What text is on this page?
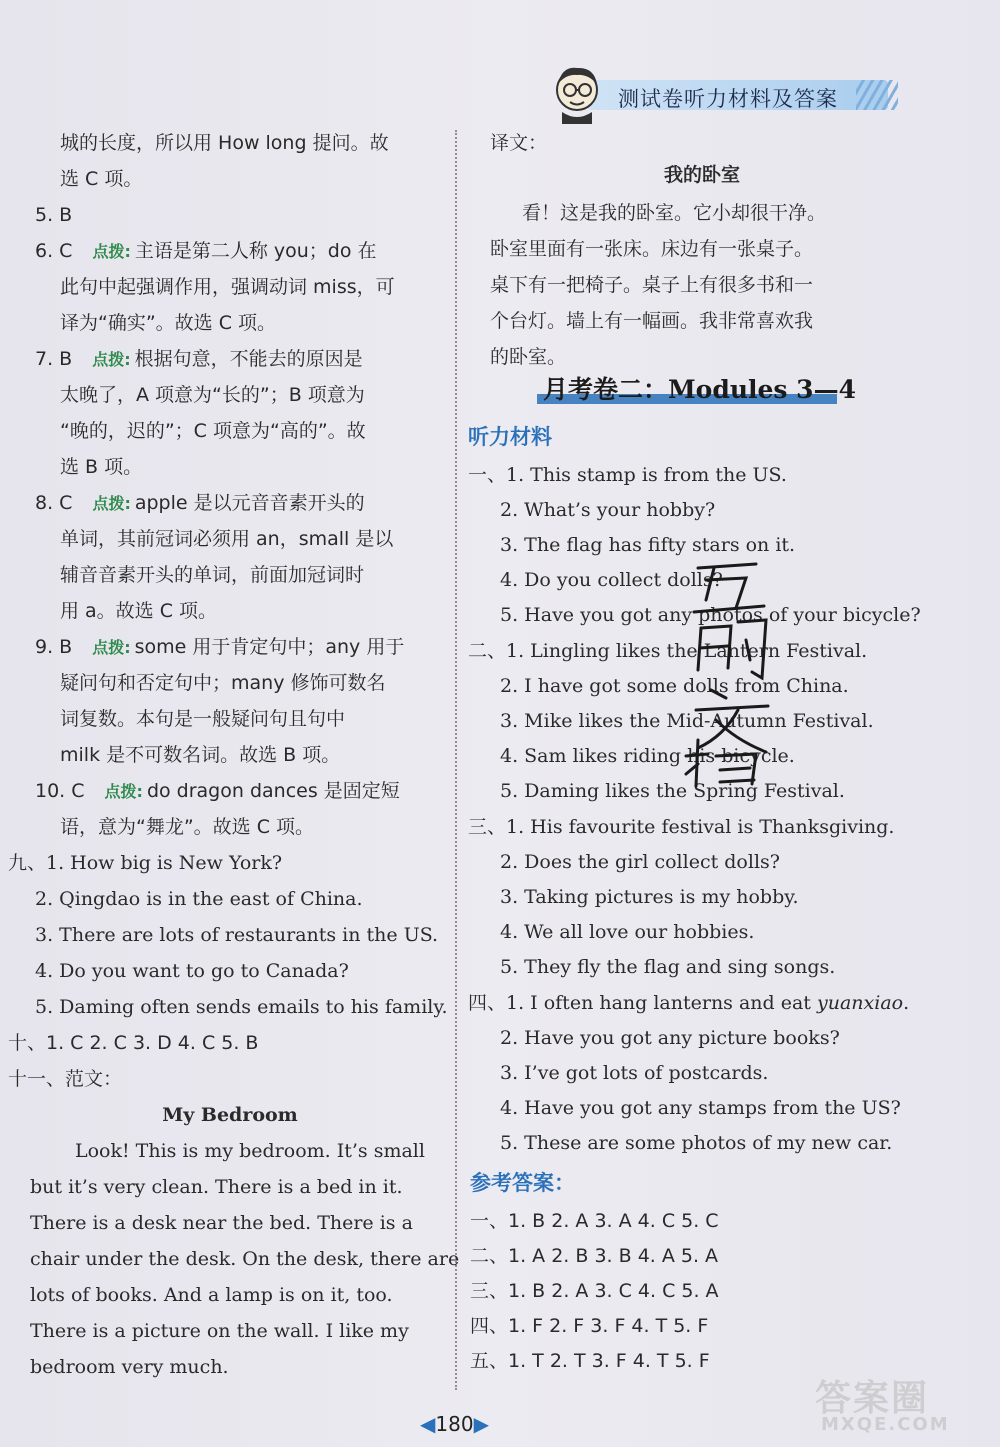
测试卷听力材料及答案
城的长度，所以用 How long 提问。故
选 C 项。
5. B
6. C 点拨: 主语是第二人称 you；do 在
此句中起强调作用，强调动词 miss，可
译为“确实”。故选 C 项。
7. B 点拨: 根据句意，不能去的原因是
太晚了，A 项意为“长的”；B 项意为
“晚的，迟的”；C 项意为“高的”。故
选 B 项。
8. C 点拨: apple 是以元音音素开头的
单词，其前冠词必须用 an，small 是以
辅音音素开头的单词，前面加冠词时
用 a。故选 C 项。
9. B 点拨: some 用于肯定句中；any 用于
疑问句和否定句中；many 修饰可数名
词复数。本句是一般疑问句且句中
milk 是不可数名词。故选 B 项。
10. C 点拨: do dragon dances 是固定短
语，意为“舞龙”。故选 C 项。
九、1. How big is New York?
2. Qingdao is in the east of China.
3. There are lots of restaurants in the US.
4. Do you want to go to Canada?
5. Daming often sends emails to his family.
十、1. C 2. C 3. D 4. C 5. B
十一、范文：
My Bedroom
Look! This is my bedroom. It’s small
but it’s very clean. There is a bed in it.
There is a desk near the bed. There is a
chair under the desk. On the desk, there are
lots of books. And a lamp is on it, too.
There is a picture on the wall. I like my
bedroom very much.
译文：
我的卧室
看！这是我的卧室。它小却很干净。
卧室里面有一张床。床边有一张桌子。
桌下有一把椅子。桌子上有很多书和一
个台灯。墙上有一幅画。我非常喜欢我
的卧室。
月考卷二：Modules 3—4
听力材料
一、1. This stamp is from the US.
2. What’s your hobby?
3. The flag has fifty stars on it.
4. Do you collect dolls?
5. Have you got any photos of your bicycle?
二、1. Lingling likes the Lantern Festival.
2. I have got some dolls from China.
3. Mike likes the Mid-Autumn Festival.
4. Sam likes riding his bicycle.
5. Daming likes the Spring Festival.
三、1. His favourite festival is Thanksgiving.
2. Does the girl collect dolls?
3. Taking pictures is my hobby.
4. We all love our hobbies.
5. They fly the flag and sing songs.
四、1. I often hang lanterns and eat yuanxiao.
2. Have you got any picture books?
3. I’ve got lots of postcards.
4. Have you got any stamps from the US?
5. These are some photos of my new car.
参考答案：
一、1. B 2. A 3. A 4. C 5. C
二、1. A 2. B 3. B 4. A 5. A
三、1. B 2. A 3. C 4. C 5. A
四、1. F 2. F 3. F 4. T 5. F
五、1. T 2. T 3. F 4. T 5. F
答案圈
MXQE.COM
◀180▶
